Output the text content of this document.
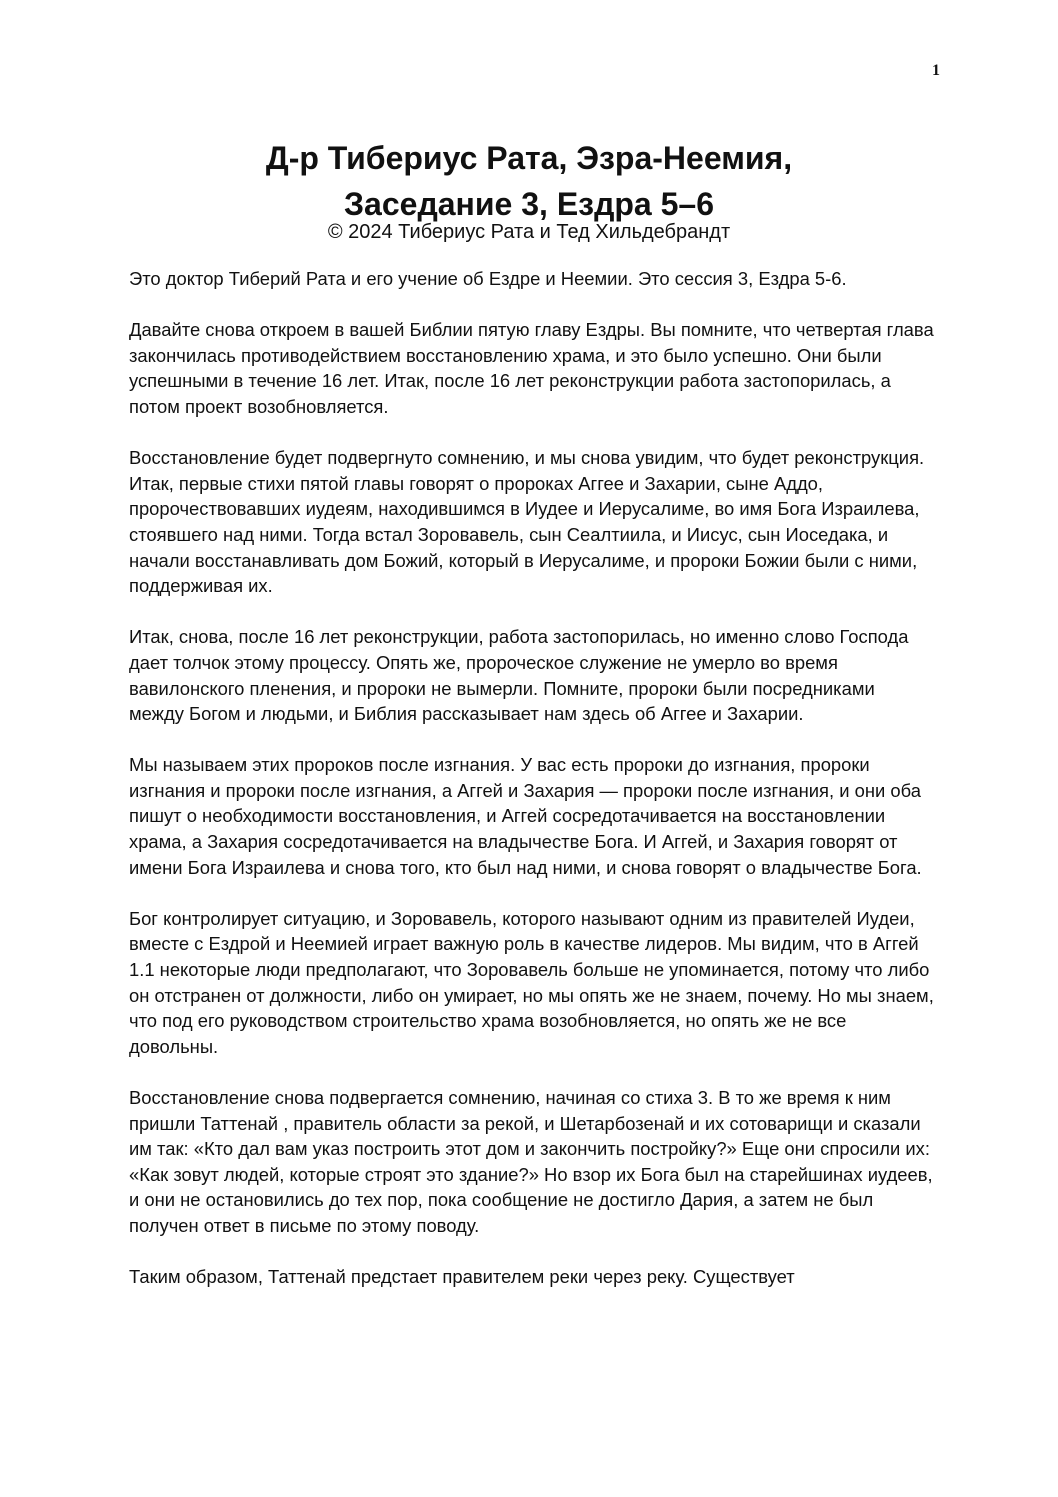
1
Д-р Тибериус Рата, Эзра-Неемия,
Заседание 3, Ездра 5–6
© 2024 Тибериус Рата и Тед Хильдебрандт

Это доктор Тиберий Рата и его учение об Ездре и Неемии. Это сессия 3, Ездра 5-6.

Давайте снова откроем в вашей Библии пятую главу Ездры. Вы помните, что четвертая глава закончилась противодействием восстановлению храма, и это было успешно. Они были успешными в течение 16 лет. Итак, после 16 лет реконструкции работа застопорилась, а потом проект возобновляется.

Восстановление будет подвергнуто сомнению, и мы снова увидим, что будет реконструкция. Итак, первые стихи пятой главы говорят о пророках Аггее и Захарии, сыне Аддо, пророчествовавших иудеям, находившимся в Иудее и Иерусалиме, во имя Бога Израилева, стоявшего над ними. Тогда встал Зоровавель, сын Сеалтиила, и Иисус, сын Иоседака, и начали восстанавливать дом Божий, который в Иерусалиме, и пророки Божии были с ними, поддерживая их.

Итак, снова, после 16 лет реконструкции, работа застопорилась, но именно слово Господа дает толчок этому процессу. Опять же, пророческое служение не умерло во время вавилонского пленения, и пророки не вымерли. Помните, пророки были посредниками между Богом и людьми, и Библия рассказывает нам здесь об Аггее и Захарии.

Мы называем этих пророков после изгнания. У вас есть пророки до изгнания, пророки изгнания и пророки после изгнания, а Аггей и Захария — пророки после изгнания, и они оба пишут о необходимости восстановления, и Аггей сосредотачивается на восстановлении храма, а Захария сосредотачивается на владычестве Бога. И Аггей, и Захария говорят от имени Бога Израилева и снова того, кто был над ними, и снова говорят о владычестве Бога.

Бог контролирует ситуацию, и Зоровавель, которого называют одним из правителей Иудеи, вместе с Ездрой и Неемией играет важную роль в качестве лидеров. Мы видим, что в Аггей 1.1 некоторые люди предполагают, что Зоровавель больше не упоминается, потому что либо он отстранен от должности, либо он умирает, но мы опять же не знаем, почему. Но мы знаем, что под его руководством строительство храма возобновляется, но опять же не все довольны.

Восстановление снова подвергается сомнению, начиная со стиха 3. В то же время к ним пришли Таттенай , правитель области за рекой, и Шетарбозенай и их сотоварищи и сказали им так: «Кто дал вам указ построить этот дом и закончить постройку?» Еще они спросили их: «Как зовут людей, которые строят это здание?» Но взор их Бога был на старейшинах иудеев, и они не остановились до тех пор, пока сообщение не достигло Дария, а затем не был получен ответ в письме по этому поводу.

Таким образом, Таттенай предстает правителем реки через реку. Существует
